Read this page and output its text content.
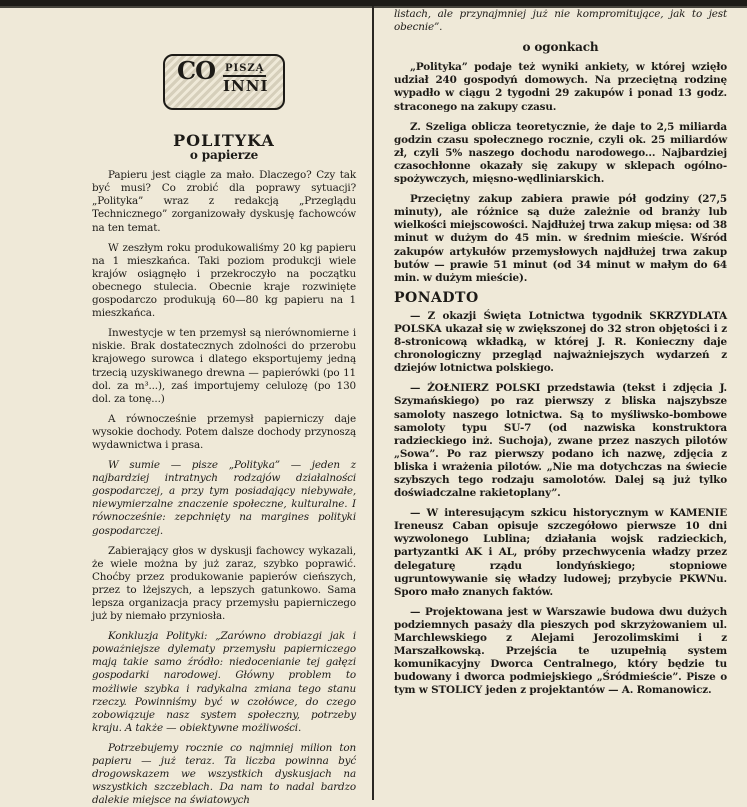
CO PISZĄ
INNI
POLITYKA
o papierze

Papieru jest ciągle za mało. Dlaczego? Czy tak być musi? Co zrobić dla poprawy sytuacji? „Polityka” wraz z redakcją „Przeglądu Technicznego” zorganizowały dyskusję fachowców na ten temat.

W zeszłym roku produkowaliśmy 20 kg papieru na 1 mieszkańca. Taki poziom produkcji wiele krajów osiągnęło i przekroczyło na początku obecnego stulecia. Obecnie kraje rozwinięte gospodarczo produkują 60—80 kg papieru na 1 mieszkańca.

Inwestycje w ten przemysł są nierównomierne i niskie. Brak dostatecznych zdolności do przerobu krajowego surowca i dlatego eksportujemy jedną trzecią uzyskiwanego drewna — papierówki (po 11 dol. za m³...), zaś importujemy celulozę (po 130 dol. za tonę...)

A równocześnie przemysł papierniczy daje wysokie dochody. Potem dalsze dochody przynoszą wydawnictwa i prasa.

W sumie — pisze „Polityka” — jeden z najbardziej intratnych rodzajów działalności gospodarczej, a przy tym posiadający niebywałe, niewymierzalne znaczenie społeczne, kulturalne. I równocześnie: zepchnięty na margines polityki gospodarczej.

Zabierający głos w dyskusji fachowcy wykazali, że wiele można by już zaraz, szybko poprawić. Choćby przez produkowanie papierów cieńszych, przez to lżejszych, a lepszych gatunkowo. Sama lepsza organizacja pracy przemysłu papierniczego już by niemało przyniosła.

Konkluzja Polityki: „Zarówno drobiazgi jak i poważniejsze dylematy przemysłu papierniczego mają takie samo źródło: niedocenianie tej gałęzi gospodarki narodowej. Główny problem to możliwie szybka i radykalna zmiana tego stanu rzeczy. Powinniśmy być w czołówce, do czego zobowiązuje nasz system społeczny, potrzeby kraju. A także — obiektywne możliwości.

Potrzebujemy rocznie co najmniej milion ton papieru — już teraz. Ta liczba powinna być drogowskazem we wszystkich dyskusjach na wszystkich szczeblach. Da nam to nadal bardzo dalekie miejsce na światowych

listach, ale przynajmniej już nie kompromitujące, jak to jest obecnie”.

o ogonkach

„Polityka” podaje też wyniki ankiety, w której wzięło udział 240 gospodyń domowych. Na przeciętną rodzinę wypadło w ciągu 2 tygodni 29 zakupów i ponad 13 godz. straconego na zakupy czasu.

Z. Szeliga oblicza teoretycznie, że daje to 2,5 miliarda godzin czasu społecznego rocznie, czyli ok. 25 miliardów zł, czyli 5% naszego dochodu narodowego... Najbardziej czasochłonne okazały się zakupy w sklepach ogólno-spożywczych, mięsno-wędliniarskich.

Przeciętny zakup zabiera prawie pół godziny (27,5 minuty), ale różnice są duże zależnie od branży lub wielkości miejscowości. Najdłużej trwa zakup mięsa: od 38 minut w dużym do 45 min. w średnim mieście. Wśród zakupów artykułów przemysłowych najdłużej trwa zakup butów — prawie 51 minut (od 34 minut w małym do 64 min. w dużym mieście).

PONADTO

— Z okazji Święta Lotnictwa tygodnik SKRZYDLATA POLSKA ukazał się w zwiększonej do 32 stron objętości i z 8-stronicową wkładką, w której J. R. Konieczny daje chronologiczny przegląd najważniejszych wydarzeń z dziejów lotnictwa polskiego.

— ŻOŁNIERZ POLSKI przedstawia (tekst i zdjęcia J. Szymańskiego) po raz pierwszy z bliska najszybsze samoloty naszego lotnictwa. Są to myśliwsko-bombowe samoloty typu SU-7 (od nazwiska konstruktora radzieckiego inż. Suchoja), zwane przez naszych pilotów „Sowa”. Po raz pierwszy podano ich nazwę, zdjęcia z bliska i wrażenia pilotów. „Nie ma dotychczas na świecie szybszych tego rodzaju samolotów. Dalej są już tylko doświadczalne rakietoplany”.

— W interesującym szkicu historycznym w KAMENIE Ireneusz Caban opisuje szczegółowo pierwsze 10 dni wyzwolonego Lublina; działania wojsk radzieckich, partyzantki AK i AL, próby przechwycenia władzy przez delegaturę rządu londyńskiego; stopniowe ugruntowywanie się władzy ludowej; przybycie PKWNu. Sporo mało znanych faktów.

— Projektowana jest w Warszawie budowa dwu dużych podziemnych pasaży dla pieszych pod skrzyżowaniem ul. Marchlewskiego z Alejami Jerozolimskimi i z Marszałkowską. Przejścia te uzupełnią system komunikacyjny Dworca Centralnego, który będzie tu budowany i dworca podmiejskiego „Śródmieście”. Pisze o tym w STOLICY jeden z projektantów — A. Romanowicz.
